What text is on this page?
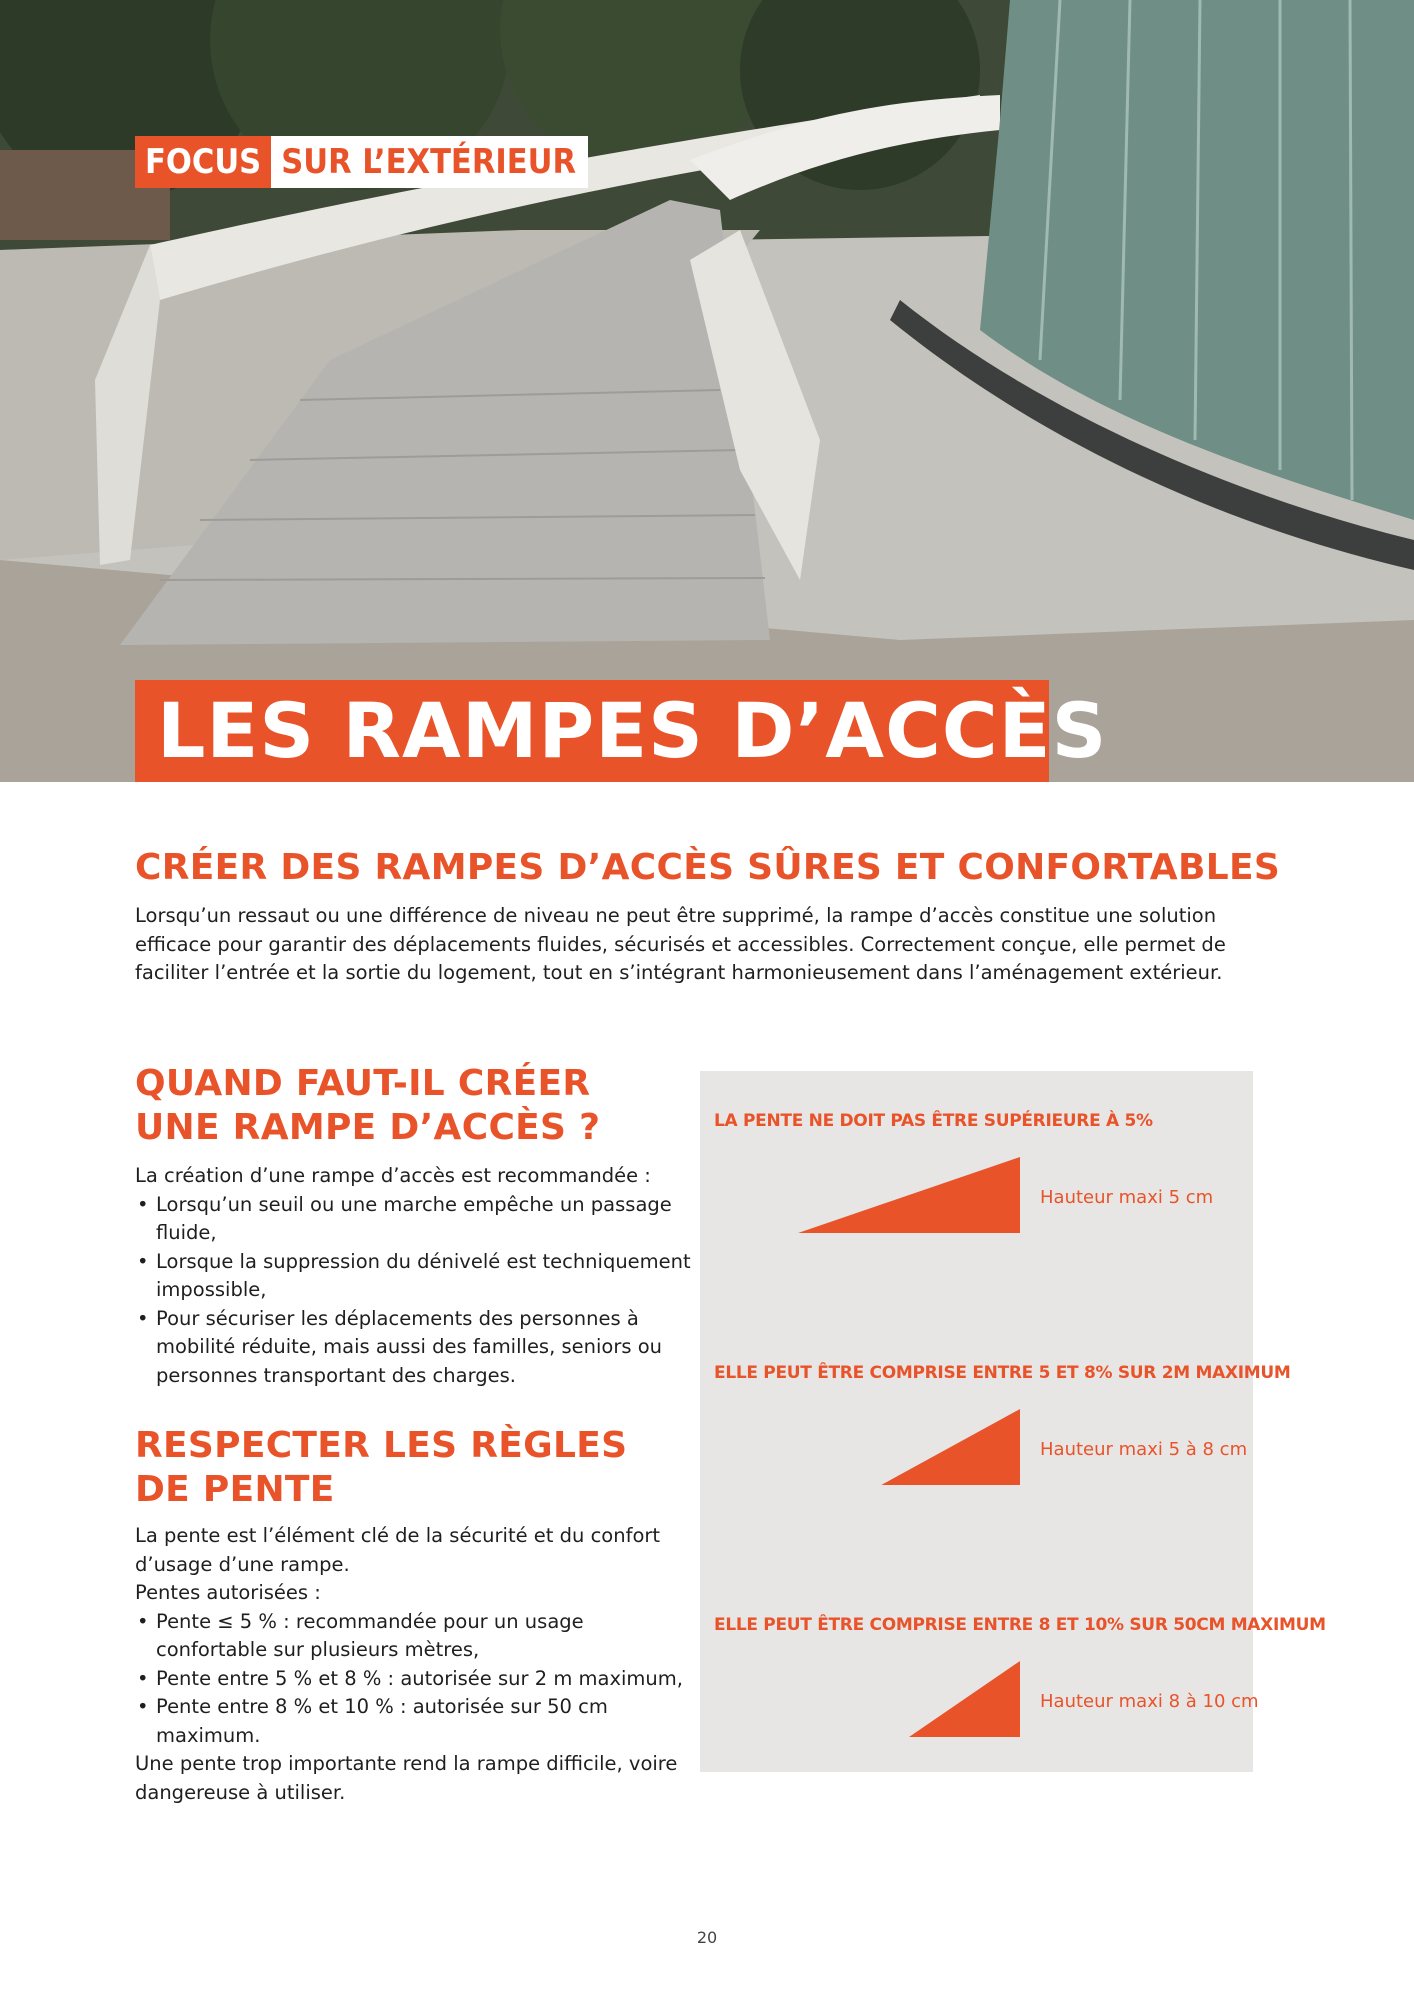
FOCUS SUR L’EXTÉRIEUR
LES RAMPES D’ACCÈS
CRÉER DES RAMPES D’ACCÈS SÛRES ET CONFORTABLES
Lorsqu’un ressaut ou une différence de niveau ne peut être supprimé, la rampe d’accès constitue une solution
efficace pour garantir des déplacements fluides, sécurisés et accessibles. Correctement conçue, elle permet de
faciliter l’entrée et la sortie du logement, tout en s’intégrant harmonieusement dans l’aménagement extérieur.
QUAND FAUT-IL CRÉER
UNE RAMPE D’ACCÈS ?
La création d’une rampe d’accès est recommandée :
• Lorsqu’un seuil ou une marche empêche un passage fluide,
• Lorsque la suppression du dénivelé est techniquement impossible,
• Pour sécuriser les déplacements des personnes à mobilité réduite, mais aussi des familles, seniors ou personnes transportant des charges.
RESPECTER LES RÈGLES
DE PENTE
La pente est l’élément clé de la sécurité et du confort d’usage d’une rampe.
Pentes autorisées :
• Pente ≤ 5 % : recommandée pour un usage confortable sur plusieurs mètres,
• Pente entre 5 % et 8 % : autorisée sur 2 m maximum,
• Pente entre 8 % et 10 % : autorisée sur 50 cm maximum.
Une pente trop importante rend la rampe difficile, voire dangereuse à utiliser.
LA PENTE NE DOIT PAS ÊTRE SUPÉRIEURE À 5%
Hauteur maxi 5 cm
ELLE PEUT ÊTRE COMPRISE ENTRE 5 ET 8% SUR 2M MAXIMUM
Hauteur maxi 5 à 8 cm
ELLE PEUT ÊTRE COMPRISE ENTRE 8 ET 10% SUR 50CM MAXIMUM
Hauteur maxi 8 à 10 cm
20
